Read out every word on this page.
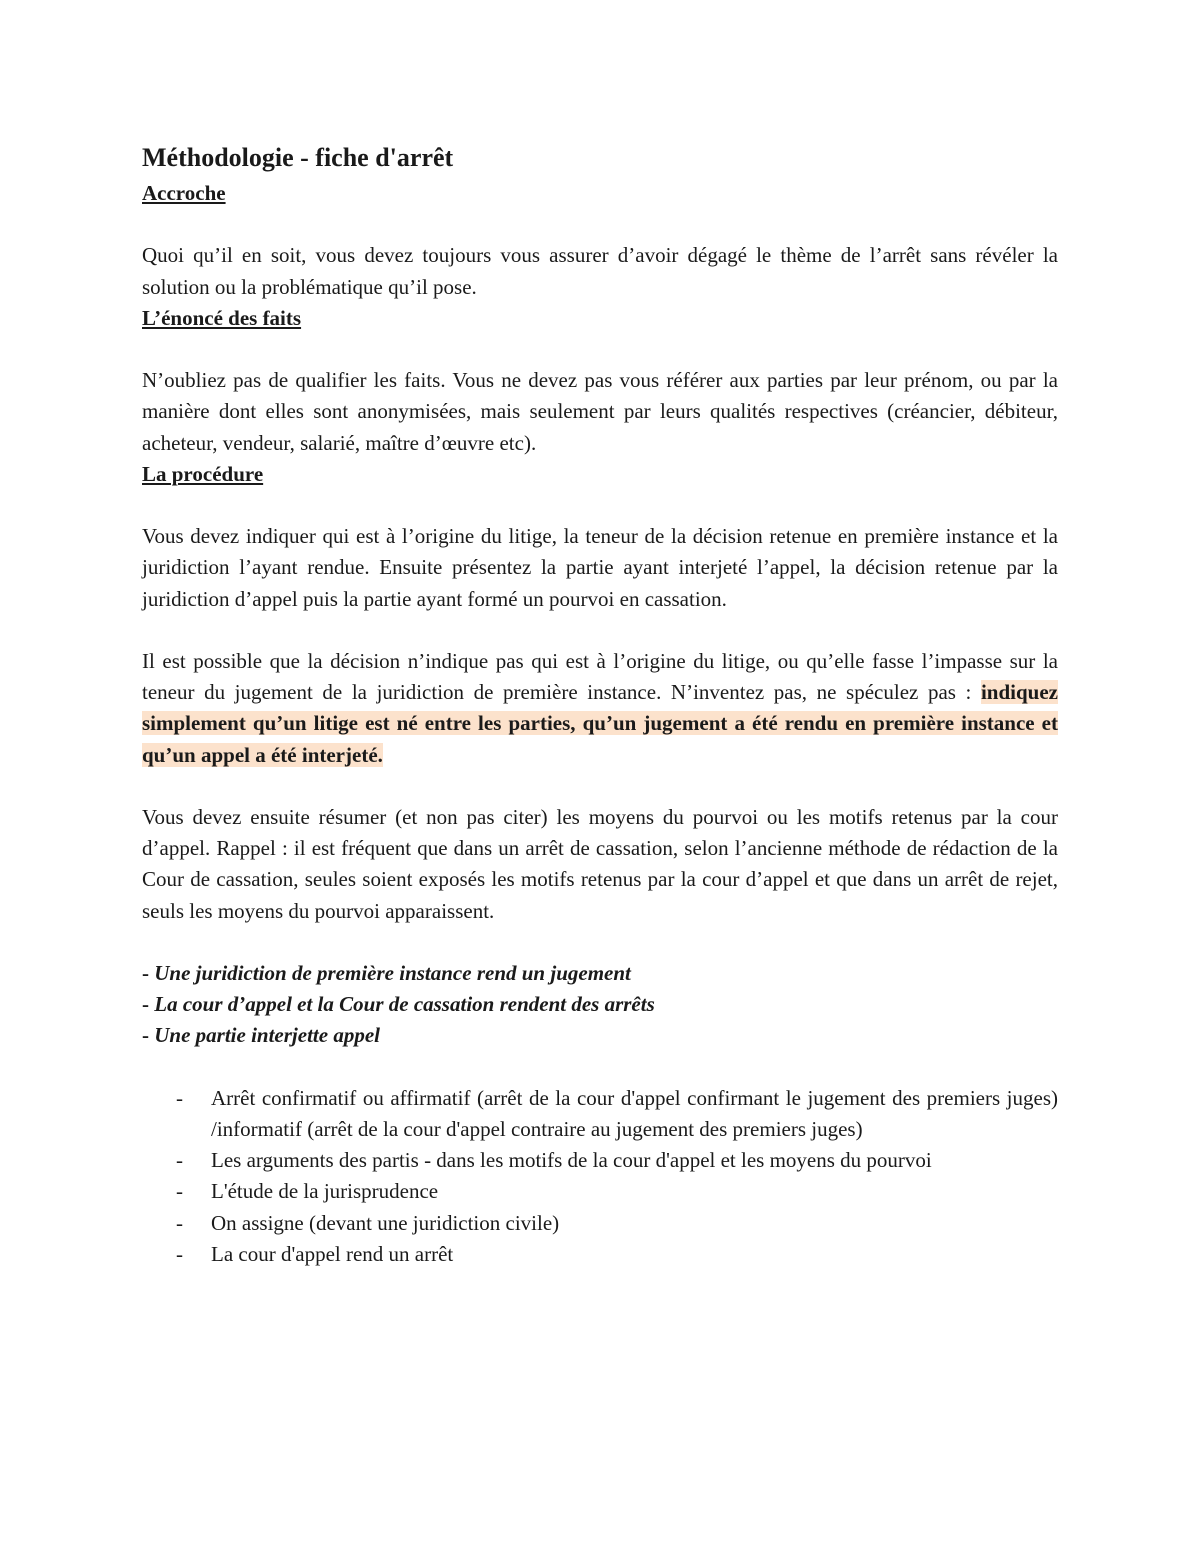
Méthodologie - fiche d'arrêt
Accroche

Quoi qu’il en soit, vous devez toujours vous assurer d’avoir dégagé le thème de l’arrêt sans révéler la solution ou la problématique qu’il pose.

L’énoncé des faits

N’oubliez pas de qualifier les faits. Vous ne devez pas vous référer aux parties par leur prénom, ou par la manière dont elles sont anonymisées, mais seulement par leurs qualités respectives (créancier, débiteur, acheteur, vendeur, salarié, maître d’œuvre etc).

La procédure

Vous devez indiquer qui est à l’origine du litige, la teneur de la décision retenue en première instance et la juridiction l’ayant rendue. Ensuite présentez la partie ayant interjeté l’appel, la décision retenue par la juridiction d’appel puis la partie ayant formé un pourvoi en cassation.

Il est possible que la décision n’indique pas qui est à l’origine du litige, ou qu’elle fasse l’impasse sur la teneur du jugement de la juridiction de première instance. N’inventez pas, ne spéculez pas : indiquez simplement qu’un litige est né entre les parties, qu’un jugement a été rendu en première instance et qu’un appel a été interjeté.

Vous devez ensuite résumer (et non pas citer) les moyens du pourvoi ou les motifs retenus par la cour d’appel. Rappel : il est fréquent que dans un arrêt de cassation, selon l’ancienne méthode de rédaction de la Cour de cassation, seules soient exposés les motifs retenus par la cour d’appel et que dans un arrêt de rejet, seuls les moyens du pourvoi apparaissent.

- Une juridiction de première instance rend un jugement
- La cour d’appel et la Cour de cassation rendent des arrêts
- Une partie interjette appel
- Arrêt confirmatif ou affirmatif (arrêt de la cour d'appel confirmant le jugement des premiers juges) /informatif (arrêt de la cour d'appel contraire au jugement des premiers juges)
- Les arguments des partis - dans les motifs de la cour d'appel et les moyens du pourvoi
- L'étude de la jurisprudence
- On assigne (devant une juridiction civile)
- La cour d'appel rend un arrêt
